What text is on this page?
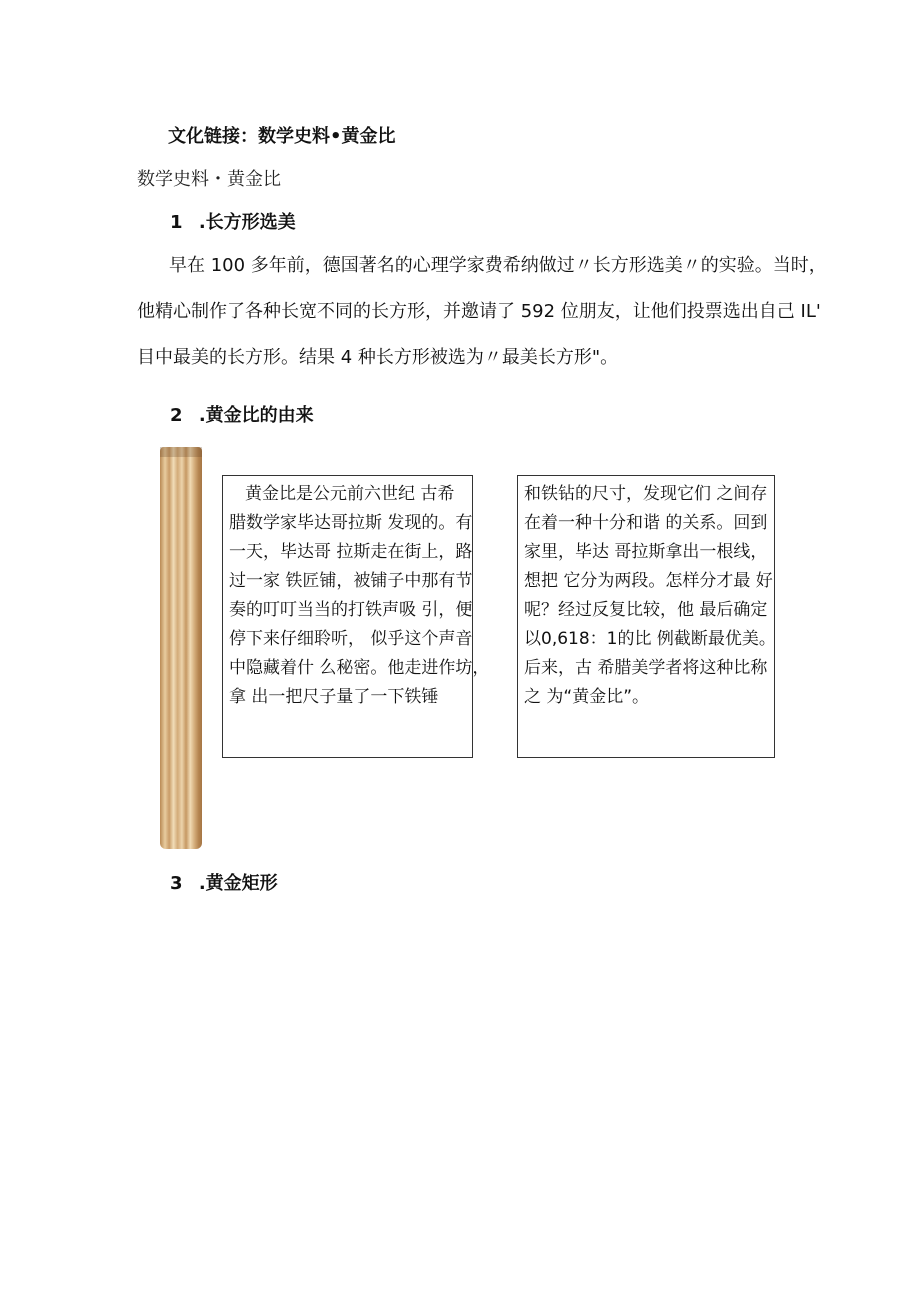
文化链接：数学史料•黄金比
数学史料・黄金比
1 .长方形选美
早在 100 多年前，德国著名的心理学家费希纳做过〃长方形选美〃的实验。当时，
他精心制作了各种长宽不同的长方形，并邀请了 592 位朋友，让他们投票选出自己 IL'
目中最美的长方形。结果 4 种长方形被选为〃最美长方形"。
2 .黄金比的由来
黄金比是公元前六世纪 古希
腊数学家毕达哥拉斯 发现的。有
一天，毕达哥 拉斯走在街上，路
过一家 铁匠铺，被铺子中那有节
奏的叮叮当当的打铁声吸 引，便
停下来仔细聆听， 似乎这个声音
中隐藏着什 么秘密。他走进作坊，
拿 出一把尺子量了一下铁锤
和铁钻的尺寸，发现它们 之间存
在着一种十分和谐 的关系。回到
家里，毕达 哥拉斯拿出一根线，
想把 它分为两段。怎样分才最 好
呢？经过反复比较，他 最后确定
以0,618：1的比 例截断最优美。
后来，古 希腊美学者将这种比称
之 为“黄金比”。
3 .黄金矩形
